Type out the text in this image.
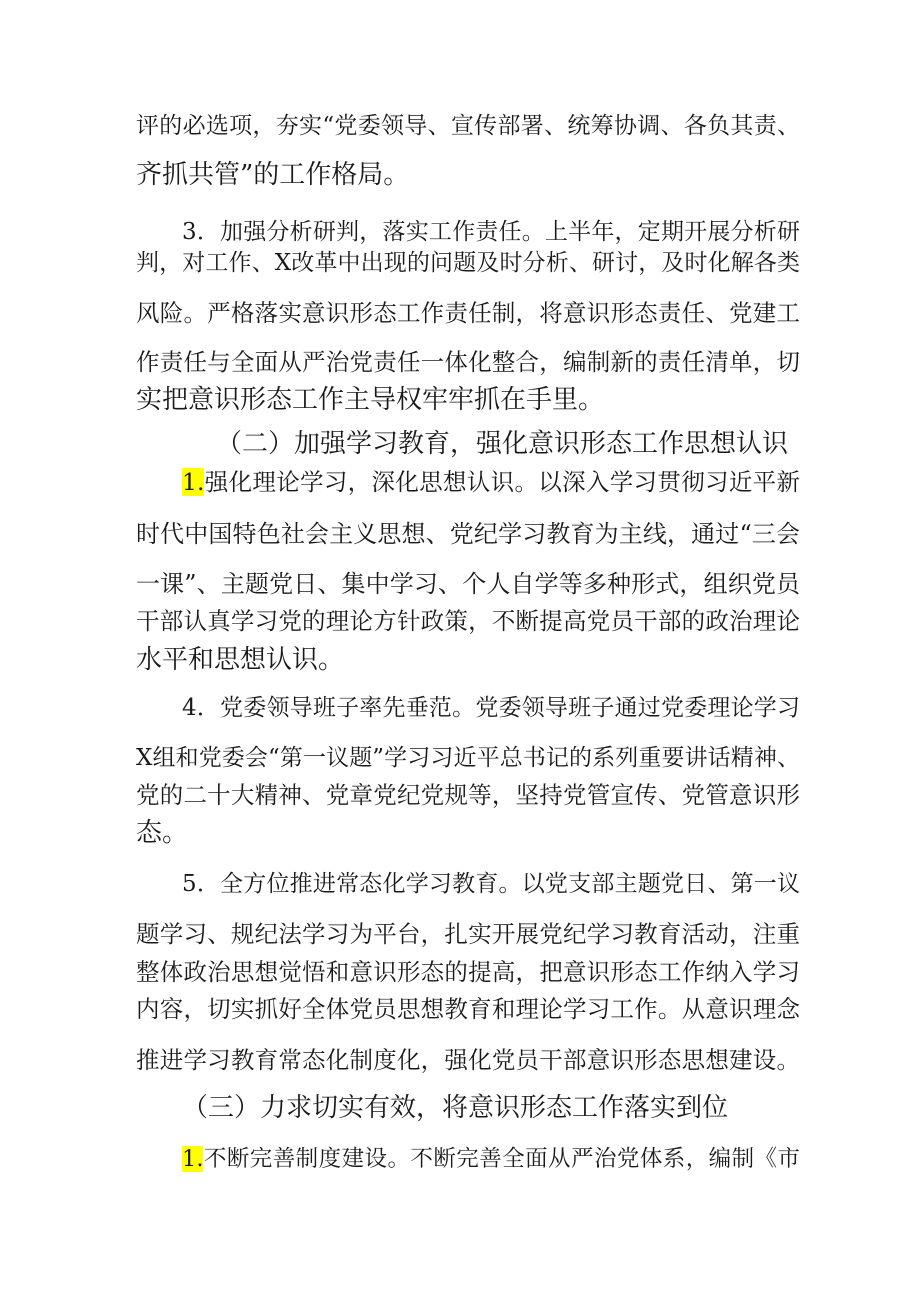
评的必选项，夯实“党委领导、宣传部署、统筹协调、各负其责、
齐抓共管”的工作格局。
3．加强分析研判，落实工作责任。上半年，定期开展分析研
判，对工作、X改革中出现的问题及时分析、研讨，及时化解各类
风险。严格落实意识形态工作责任制，将意识形态责任、党建工
作责任与全面从严治党责任一体化整合，编制新的责任清单，切
实把意识形态工作主导权牢牢抓在手里。
（二）加强学习教育，强化意识形态工作思想认识
1.强化理论学习，深化思想认识。以深入学习贯彻习近平新
时代中国特色社会主义思想、党纪学习教育为主线，通过“三会
一课”、主题党日、集中学习、个人自学等多种形式，组织党员
干部认真学习党的理论方针政策，不断提高党员干部的政治理论
水平和思想认识。
4．党委领导班子率先垂范。党委领导班子通过党委理论学习
X组和党委会“第一议题”学习习近平总书记的系列重要讲话精神、
党的二十大精神、党章党纪党规等，坚持党管宣传、党管意识形
态。
5．全方位推进常态化学习教育。以党支部主题党日、第一议
题学习、规纪法学习为平台，扎实开展党纪学习教育活动，注重
整体政治思想觉悟和意识形态的提高，把意识形态工作纳入学习
内容，切实抓好全体党员思想教育和理论学习工作。从意识理念
推进学习教育常态化制度化，强化党员干部意识形态思想建设。
（三）力求切实有效，将意识形态工作落实到位
1.不断完善制度建设。不断完善全面从严治党体系，编制《市
